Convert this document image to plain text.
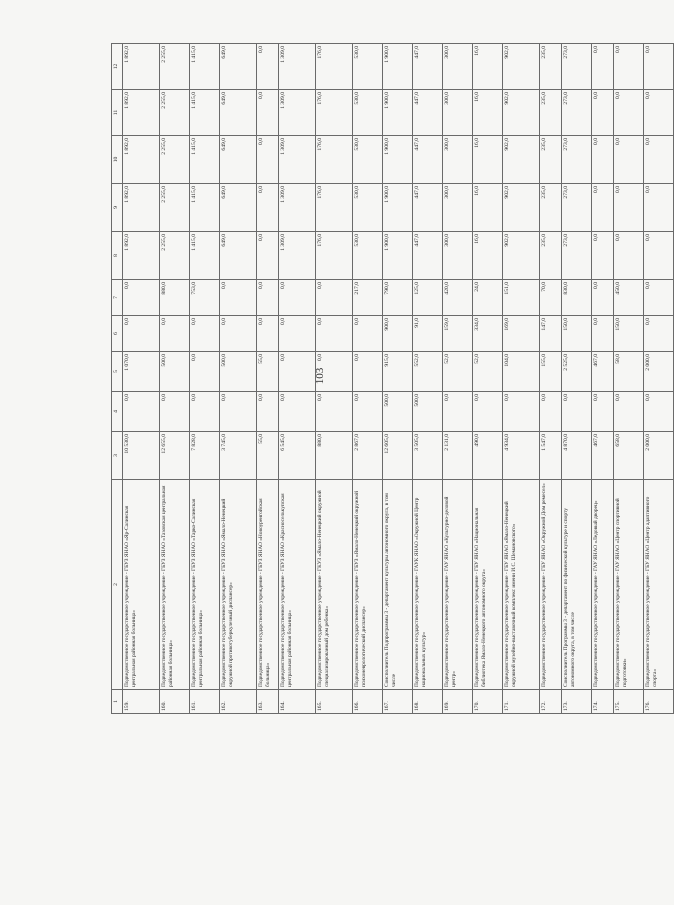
103
1	2	3	4	5	6	7	8	9	10	11	12
159.	Подведомственное государственное учреждение - ГБУЗ ЯНАО «Яр-Салинская центральная районная больница»	10 530,0	0,0	1 070,0	0,0	0,0	1 892,0	1 892,0	1 892,0	1 892,0	1 892,0
160.	Подведомственное государственное учреждение - ГБУЗ ЯНАО «Тазовская центральная районная больница»	12 655,0	0,0	500,0	0,0	880,0	2 255,0	2 255,0	2 255,0	2 255,0	2 255,0
161.	Подведомственное государственное учреждение - ГБУЗ ЯНАО «Тарко-Салинская центральная районная больница»	7 828,0	0,0	0,0	0,0	753,0	1 415,0	1 415,0	1 415,0	1 415,0	1 415,0
162.	Подведомственное государственное учреждение - ГБУЗ ЯНАО «Ямало-Ненецкий окружной противотуберкулезный диспансер»	3 745,0	0,0	500,0	0,0	0,0	649,0	649,0	649,0	649,0	649,0
163.	Подведомственное государственное учреждение - ГБУЗ ЯНАО «Новоуренгойская больница»	55,0	0,0	55,0	0,0	0,0	0,0	0,0	0,0	0,0	0,0
164.	Подведомственное государственное учреждение - ГБУЗ ЯНАО «Красноселькупская центральная районная больница»	6 545,0	0,0	0,0	0,0	0,0	1 309,0	1 309,0	1 309,0	1 309,0	1 309,0
165.	Подведомственное государственное учреждение - ГКУЗ «Ямало-Ненецкий окружной специализированный дом ребенка»	880,0	0,0	0,0	0,0	0,0	176,0	176,0	176,0	176,0	176,0
166.	Подведомственное государственное учреждение - ГБУЗ «Ямало-Ненецкий окружной психоневрологический диспансер»	2 867,0	0,0	0,0	0,0	217,0	530,0	530,0	530,0	530,0	530,0
167.	Соисполнитель Подпрограммы 3 - департамент культуры автономного округа, в том числе	12 605,0	500,0	915,0	900,0	790,0	1 900,0	1 900,0	1 900,0	1 900,0	1 900,0
168.	Подведомственное государственное учреждение - ГАУК ЯНАО «Окружной Центр национальных культур»	3 505,0	500,0	552,0	91,0	125,0	447,0	447,0	447,0	447,0	447,0
169.	Подведомственное государственное учреждение - ГАУ ЯНАО «Культурно-деловой центр»	2 131,0	0,0	52,0	159,0	420,0	300,0	300,0	300,0	300,0	300,0
170.	Подведомственное государственное учреждение - ГБУ ЯНАО «Национальная библиотека Ямало-Ненецкого автономного округа»	490,0	0,0	52,0	334,0	24,0	16,0	16,0	16,0	16,0	16,0
171.	Подведомственное государственное учреждение - ГБУ ЯНАО «Ямало-Ненецкий окружной музейно-выставочный комплекс имени И.С. Шемановского»	4 934,0	0,0	104,0	169,0	151,0	902,0	902,0	902,0	902,0	902,0
172.	Подведомственное государственное учреждение - ГБУ ЯНАО «Окружной Дом ремесел»	1 547,0	0,0	155,0	147,0	70,0	235,0	235,0	235,0	235,0	235,0
173.	Соисполнитель Программы 3 - департамент по физической культуре и спорту автономного округа, в том числе	4 870,0	0,0	2 525,0	150,0	830,0	273,0	273,0	273,0	273,0	273,0
174.	Подведомственное государственное учреждение - ГАУ ЯНАО «Ледовый дворец»	467,0	0,0	467,0	0,0	0,0	0,0	0,0	0,0	0,0	0,0
175.	Подведомственное государственное учреждение - ГАУ ЯНАО «Центр спортивной подготовки»	658,0	0,0	58,0	150,0	450,0	0,0	0,0	0,0	0,0	0,0
176.	Подведомственное государственное учреждение - ГБУ ЯНАО «Центр адаптивного спорта»	2 000,0	0,0	2 000,0	0,0	0,0	0,0	0,0	0,0	0,0	0,0
